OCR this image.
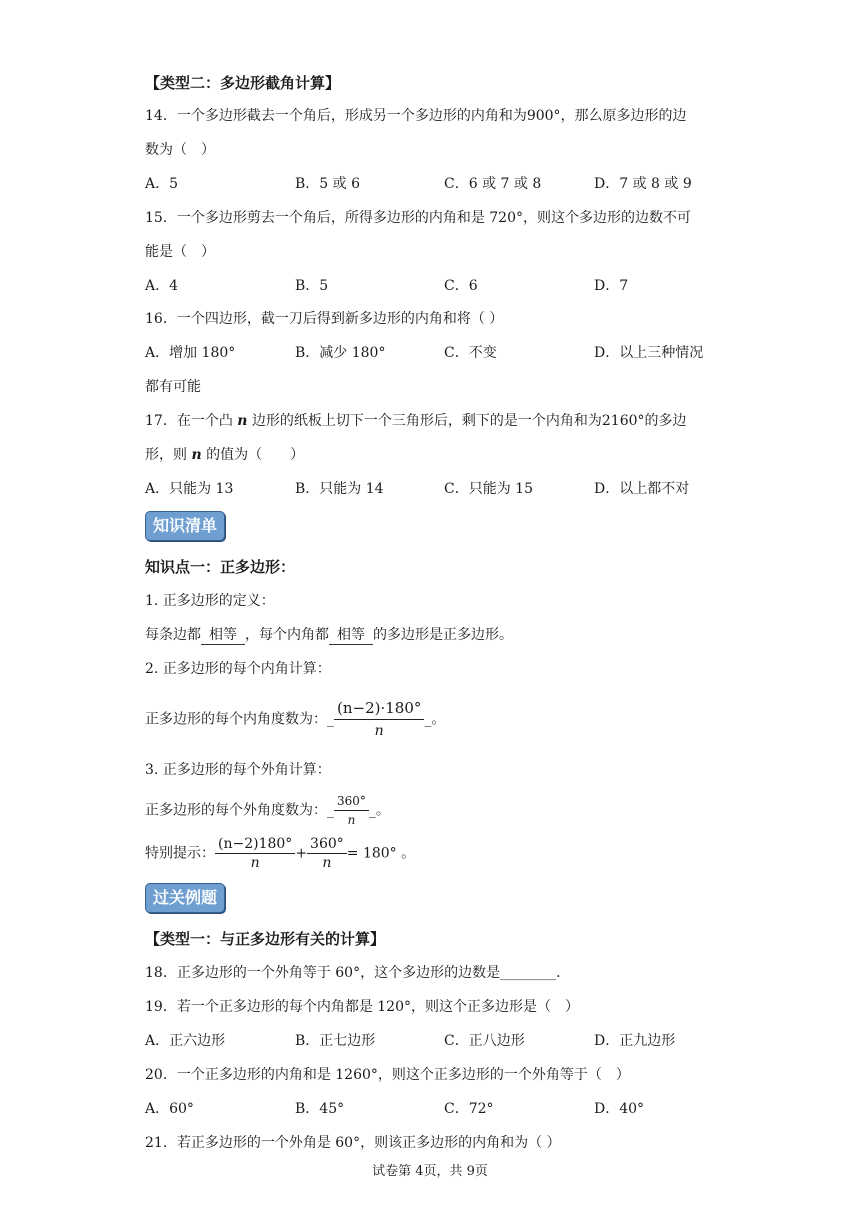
【类型二：多边形截角计算】
14．一个多边形截去一个角后，形成另一个多边形的内角和为900°，那么原多边形的边
数为（　）
A．5	B．5 或 6	C．6 或 7 或 8	D．7 或 8 或 9
15．一个多边形剪去一个角后，所得多边形的内角和是 720°，则这个多边形的边数不可
能是（　）
A．4	B．5	C．6	D．7
16．一个四边形，截一刀后得到新多边形的内角和将（ ）
A．增加 180°	B．减少 180°	C．不变	D．以上三种情况
都有可能
17．在一个凸 n 边形的纸板上切下一个三角形后，剩下的是一个内角和为2160°的多边
形，则 n 的值为（　　）
A．只能为 13	B．只能为 14	C．只能为 15	D．以上都不对
知识清单
知识点一：正多边形：
1. 正多边形的定义：
每条边都 相等 ，每个内角都 相等 的多边形是正多边形。
2. 正多边形的每个内角计算：
正多边形的每个内角度数为：_ $\frac{(n-2)\cdot 180^\circ}{n}$ _。
3. 正多边形的每个外角计算：
正多边形的每个外角度数为：_ $\frac{360^\circ}{n}$ _。
特别提示： $\frac{(n-2)180^\circ}{n} + \frac{360^\circ}{n} = 180^\circ$ 。
过关例题
【类型一：与正多边形有关的计算】
18．正多边形的一个外角等于 60°，这个多边形的边数是________．
19．若一个正多边形的每个内角都是 120°，则这个正多边形是（　）
A．正六边形	B．正七边形	C．正八边形	D．正九边形
20．一个正多边形的内角和是 1260°，则这个正多边形的一个外角等于（　）
A．60°	B．45°	C．72°	D．40°
21．若正多边形的一个外角是 60°，则该正多边形的内角和为（ ）
试卷第 4页，共 9页
